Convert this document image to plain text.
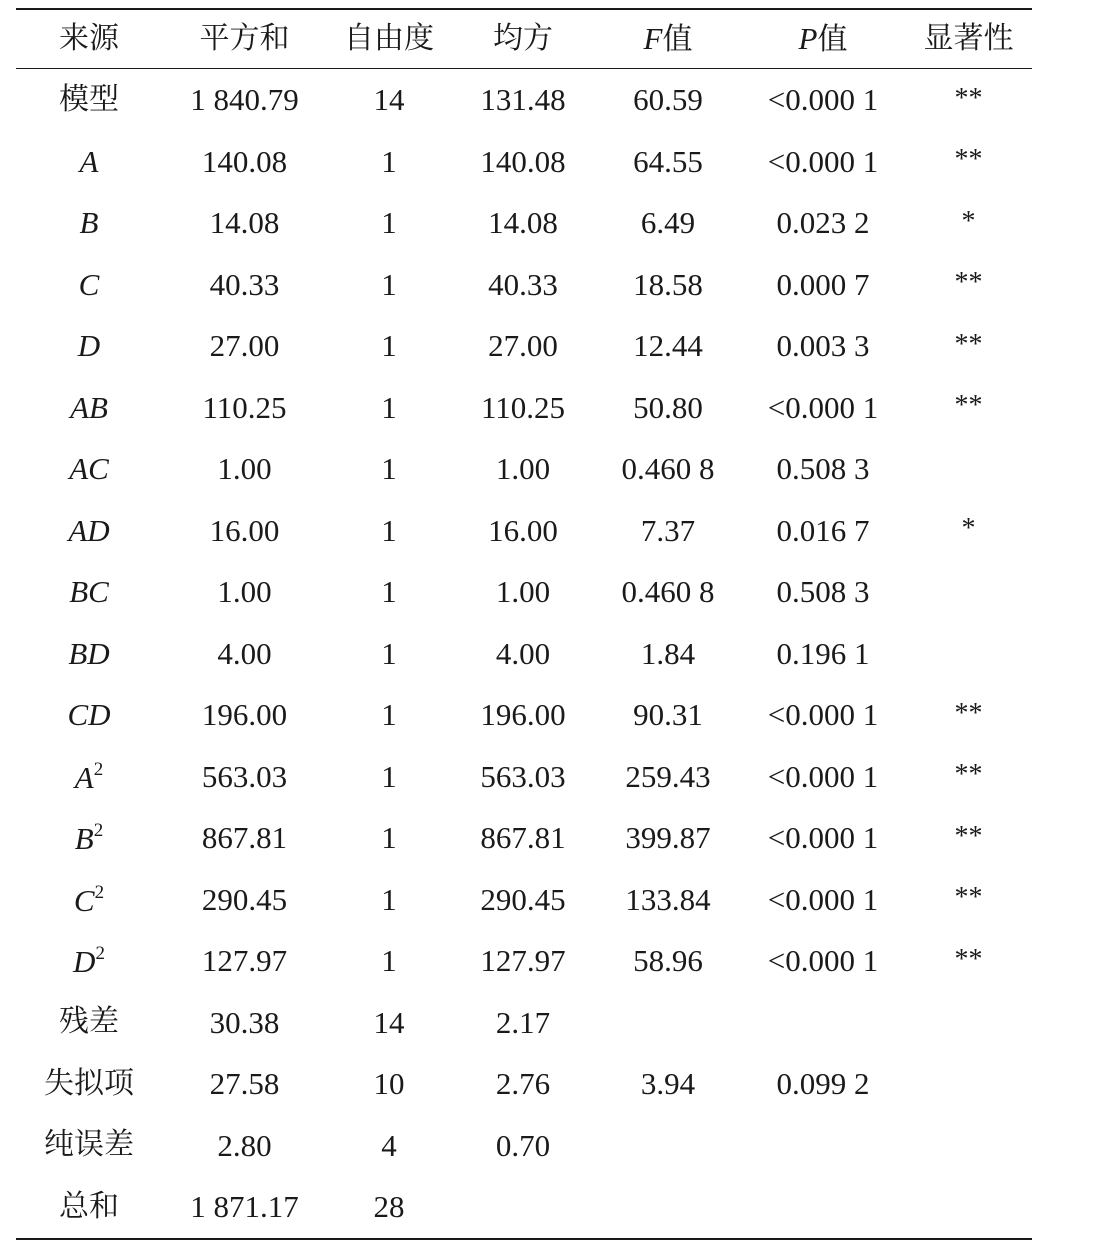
来源	平方和	自由度	均方	F值	P值	显著性
模型	1 840.79	14	131.48	60.59	<0.000 1	**
A	140.08	1	140.08	64.55	<0.000 1	**
B	14.08	1	14.08	6.49	0.023 2	*
C	40.33	1	40.33	18.58	0.000 7	**
D	27.00	1	27.00	12.44	0.003 3	**
AB	110.25	1	110.25	50.80	<0.000 1	**
AC	1.00	1	1.00	0.460 8	0.508 3
AD	16.00	1	16.00	7.37	0.016 7	*
BC	1.00	1	1.00	0.460 8	0.508 3
BD	4.00	1	4.00	1.84	0.196 1
CD	196.00	1	196.00	90.31	<0.000 1	**
$A^2$	563.03	1	563.03	259.43	<0.000 1	**
$B^2$	867.81	1	867.81	399.87	<0.000 1	**
$C^2$	290.45	1	290.45	133.84	<0.000 1	**
$D^2$	127.97	1	127.97	58.96	<0.000 1	**
残差	30.38	14	2.17
失拟项	27.58	10	2.76	3.94	0.099 2
纯误差	2.80	4	0.70
总和	1 871.17	28
